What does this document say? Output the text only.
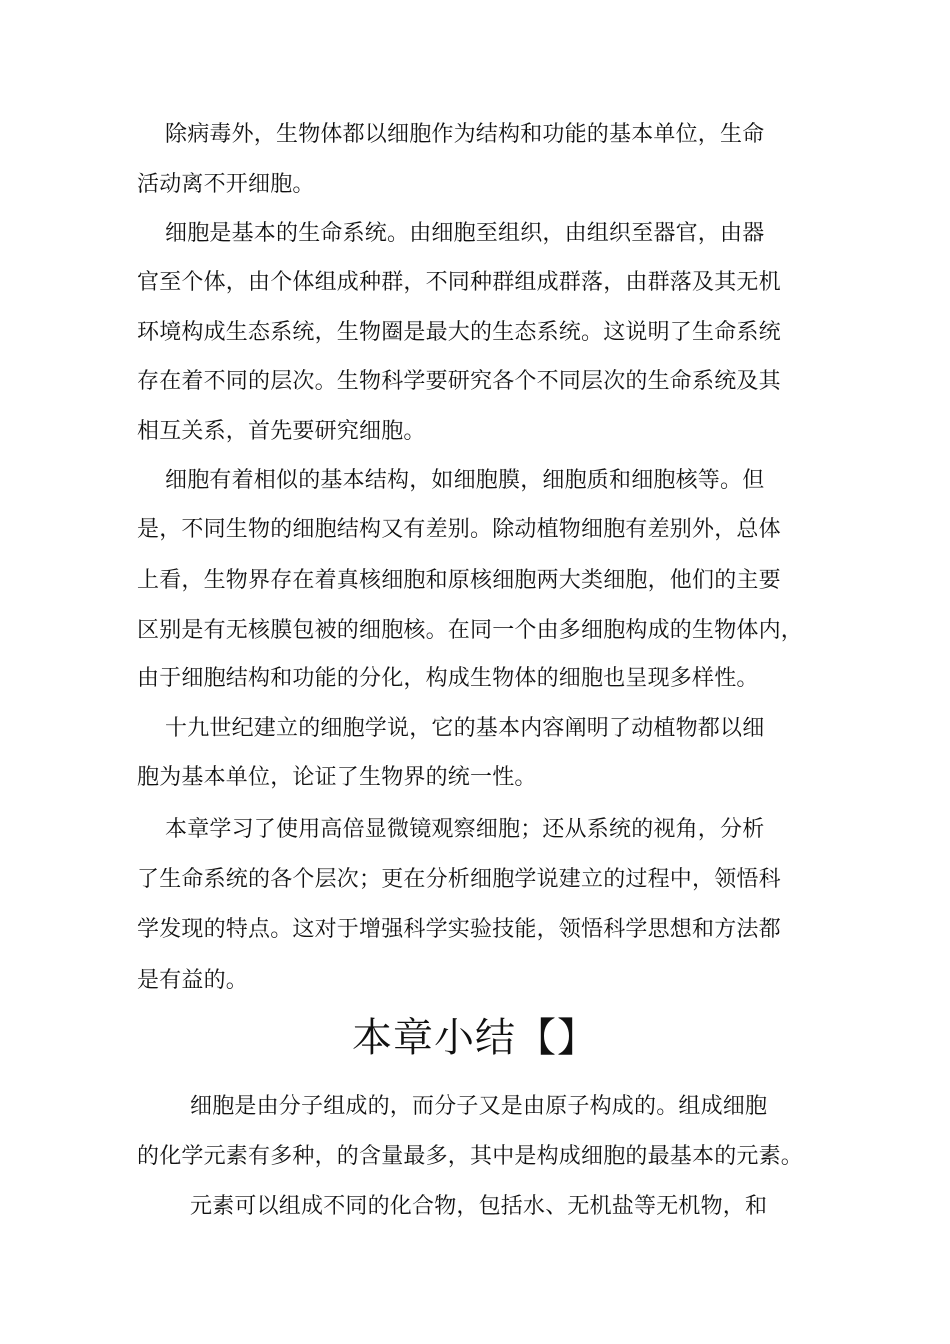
除病毒外，生物体都以细胞作为结构和功能的基本单位，生命
活动离不开细胞。
细胞是基本的生命系统。由细胞至组织，由组织至器官，由器
官至个体，由个体组成种群，不同种群组成群落，由群落及其无机
环境构成生态系统，生物圈是最大的生态系统。这说明了生命系统
存在着不同的层次。生物科学要研究各个不同层次的生命系统及其
相互关系，首先要研究细胞。
细胞有着相似的基本结构，如细胞膜，细胞质和细胞核等。但
是，不同生物的细胞结构又有差别。除动植物细胞有差别外，总体
上看，生物界存在着真核细胞和原核细胞两大类细胞，他们的主要
区别是有无核膜包被的细胞核。在同一个由多细胞构成的生物体内，
由于细胞结构和功能的分化，构成生物体的细胞也呈现多样性。
十九世纪建立的细胞学说，它的基本内容阐明了动植物都以细
胞为基本单位，论证了生物界的统一性。
本章学习了使用高倍显微镜观察细胞；还从系统的视角，分析
了生命系统的各个层次；更在分析细胞学说建立的过程中，领悟科
学发现的特点。这对于增强科学实验技能，领悟科学思想和方法都
是有益的。
本章小结【】
细胞是由分子组成的，而分子又是由原子构成的。组成细胞
的化学元素有多种，的含量最多，其中是构成细胞的最基本的元素。
元素可以组成不同的化合物，包括水、无机盐等无机物，和
